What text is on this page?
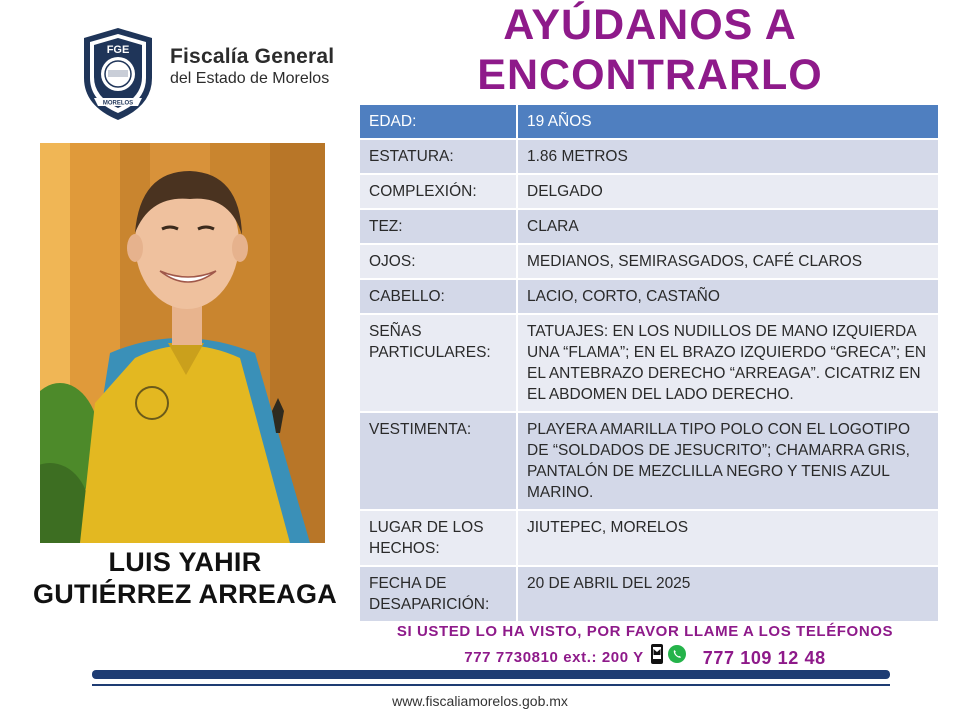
FGE
MORELOS
Fiscalía General
del Estado de Morelos
AYÚDANOS A
ENCONTRARLO
LUIS YAHIR
GUTIÉRREZ ARREAGA
EDAD:	19 AÑOS
ESTATURA:	1.86 METROS
COMPLEXIÓN:	DELGADO
TEZ:	CLARA
OJOS:	MEDIANOS, SEMIRASGADOS, CAFÉ CLAROS
CABELLO:	LACIO, CORTO, CASTAÑO
SEÑAS PARTICULARES:	TATUAJES: EN LOS NUDILLOS DE MANO IZQUIERDA UNA “FLAMA”; EN EL BRAZO IZQUIERDO “GRECA”; EN EL ANTEBRAZO DERECHO “ARREAGA”. CICATRIZ EN EL ABDOMEN DEL LADO DERECHO.
VESTIMENTA:	PLAYERA AMARILLA TIPO POLO CON EL LOGOTIPO DE “SOLDADOS DE JESUCRITO”; CHAMARRA GRIS, PANTALÓN DE MEZCLILLA NEGRO Y TENIS AZUL MARINO.
LUGAR DE LOS HECHOS:	JIUTEPEC, MORELOS
FECHA DE DESAPARICIÓN:	20 DE ABRIL DEL 2025
SI USTED LO HA VISTO, POR FAVOR LLAME A LOS TELÉFONOS
777 7730810 ext.: 200 Y	777 109 12 48
www.fiscaliamorelos.gob.mx
